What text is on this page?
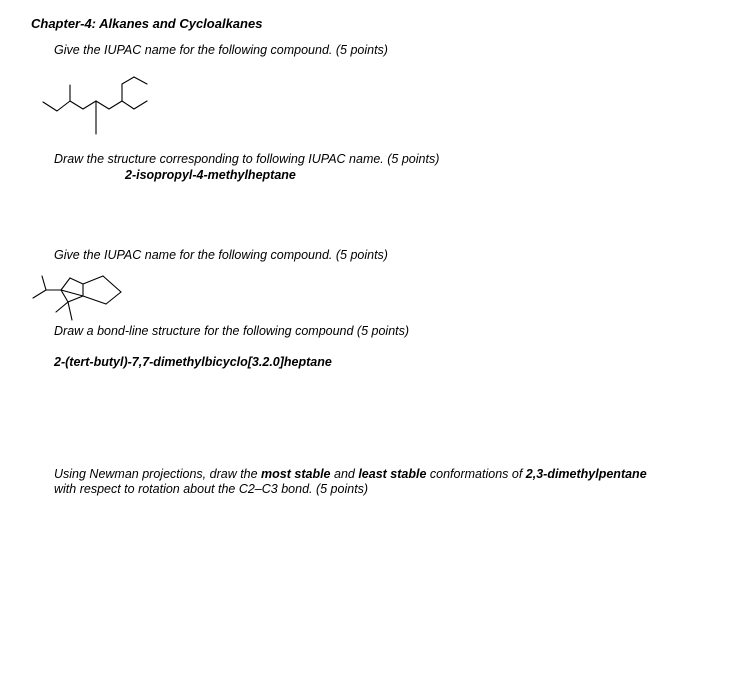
Chapter-4: Alkanes and Cycloalkanes
Give the IUPAC name for the following compound. (5 points)
Draw the structure corresponding to following IUPAC name. (5 points)
2-isopropyl-4-methylheptane
Give the IUPAC name for the following compound. (5 points)
Draw a bond-line structure for the following compound (5 points)
2-(tert-butyl)-7,7-dimethylbicyclo[3.2.0]heptane
Using Newman projections, draw the most stable and least stable conformations of 2,3-dimethylpentane
with respect to rotation about the C2–C3 bond. (5 points)
